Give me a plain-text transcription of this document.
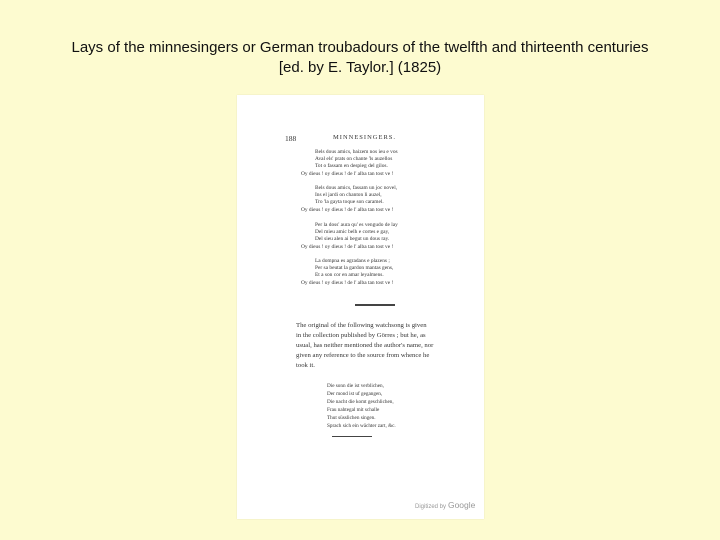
Lays of the minnesingers or German troubadours of the twelfth and thirteenth centuries
[ed. by E. Taylor.] (1825)
188	MINNESINGERS.
Bels dous amics, baizem nos ieu e vos
Aval els' prats on chante 'ls auzellos
Tot o fassam en despieg del gilos.
Oy dieus ! oy dieus ! de l' alba tan tost ve !
Bels dous amics, fassam un joc novel,
Ins el jardi on chanton li auzel,
Tro 'la gayta toque son caramel.
Oy dieus ! oy dieus ! de l' alba tan tost ve !
Per la doss' aura qu' es vengudo de lay
Del mieu amic belh e cortes e gay,
Del sieu alen ai begut un dous ray.
Oy dieus ! oy dieus ! de l' alba tan tost ve !
La dompna es agradans e plazens ;
Per sa beutat la gardon mantas gens,
Et a son cor en amar leyalmens.
Oy dieus ! oy dieus ! de l' alba tan tost ve !
The original of the following watchsong is given
in the collection published by Görres ; but he, as
usual, has neither mentioned the author's name, nor
given any reference to the source from whence he
took it.
Die sonn die ist verblichen,
Der mond ist uf gegangen,
Die nacht die komt geschlichen,
Frau nahtegal mit schalle
Thut süsslichen singen.
Sprach sich ein wächter zart, &c.
Digitized by Google
